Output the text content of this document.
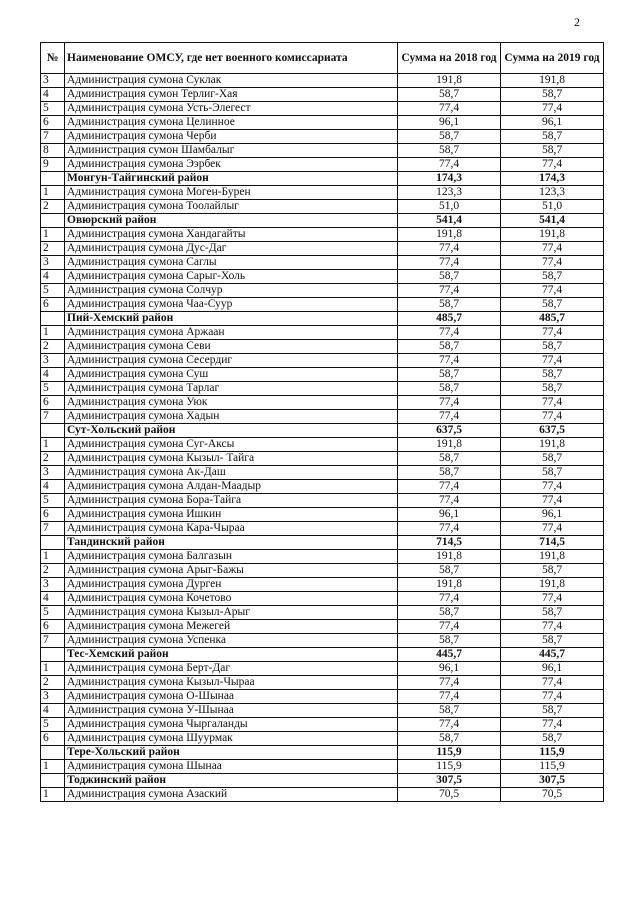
2
№	Наименование ОМСУ, где нет военного комиссариата	Сумма на 2018 год	Сумма на 2019 год
3	Администрация сумона Суклак	191,8	191,8
4	Администрация сумон Терлиг-Хая	58,7	58,7
5	Администрация сумона Усть-Элегест	77,4	77,4
6	Администрация сумона Целинное	96,1	96,1
7	Администрация сумона Черби	58,7	58,7
8	Администрация сумон Шамбалыг	58,7	58,7
9	Администрация сумона Ээрбек	77,4	77,4
	Монгун-Тайгинский район	174,3	174,3
1	Администрация сумона Моген-Бурен	123,3	123,3
2	Администрация сумона Тоолайлыг	51,0	51,0
	Овюрский район	541,4	541,4
1	Администрация сумона Хандагайты	191,8	191,8
2	Администрация сумона Дус-Даг	77,4	77,4
3	Администрация сумона Саглы	77,4	77,4
4	Администрация сумона Сарыг-Холь	58,7	58,7
5	Администрация сумона Солчур	77,4	77,4
6	Администрация сумона Чаа-Суур	58,7	58,7
	Пий-Хемский район	485,7	485,7
1	Администрация сумона Аржаан	77,4	77,4
2	Администрация сумона Севи	58,7	58,7
3	Администрация сумона Сесердиг	77,4	77,4
4	Администрация сумона Суш	58,7	58,7
5	Администрация сумона Тарлаг	58,7	58,7
6	Администрация сумона Уюк	77,4	77,4
7	Администрация сумона Хадын	77,4	77,4
	Сут-Хольский район	637,5	637,5
1	Администрация сумона Суг-Аксы	191,8	191,8
2	Администрация сумона Кызыл- Тайга	58,7	58,7
3	Администрация сумона Ак-Даш	58,7	58,7
4	Администрация сумона Алдан-Маадыр	77,4	77,4
5	Администрация сумона Бора-Тайга	77,4	77,4
6	Администрация сумона Ишкин	96,1	96,1
7	Администрация сумона Кара-Чыраа	77,4	77,4
	Тандинский район	714,5	714,5
1	Администрация сумона Балгазын	191,8	191,8
2	Администрация сумона Арыг-Бажы	58,7	58,7
3	Администрация сумона Дурген	191,8	191,8
4	Администрация сумона Кочетово	77,4	77,4
5	Администрация сумона Кызыл-Арыг	58,7	58,7
6	Администрация сумона Межегей	77,4	77,4
7	Администрация сумона Успенка	58,7	58,7
	Тес-Хемский район	445,7	445,7
1	Администрация сумона Берт-Даг	96,1	96,1
2	Администрация сумона Кызыл-Чыраа	77,4	77,4
3	Администрация сумона О-Шынаа	77,4	77,4
4	Администрация сумона У-Шынаа	58,7	58,7
5	Администрация сумона Чыргаланды	77,4	77,4
6	Администрация сумона Шуурмак	58,7	58,7
	Тере-Хольский район	115,9	115,9
1	Администрация сумона Шынаа	115,9	115,9
	Тоджинский район	307,5	307,5
1	Администрация сумона Азаский	70,5	70,5
